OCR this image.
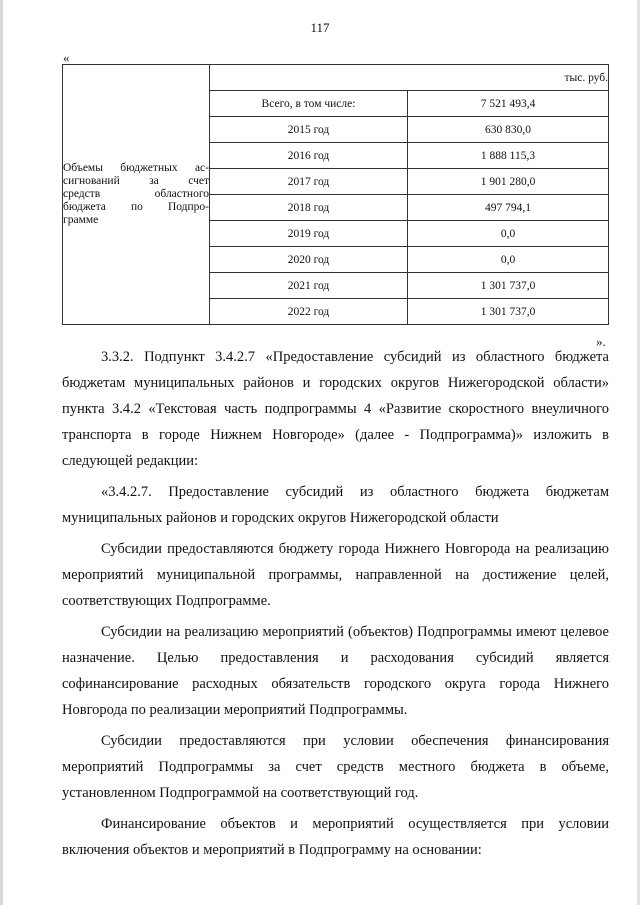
117
«
Объемы бюджетных ас-
сигнований за счет
средств областного
бюджета по Подпро-
грамме	тыс. руб.	
	Всего, в том числе:	7 521 493,4
	2015 год	630 830,0
	2016 год	1 888 115,3
	2017 год	1 901 280,0
	2018 год	497 794,1
	2019 год	0,0
	2020 год	0,0
	2021 год	1 301 737,0
	2022 год	1 301 737,0
».

3.3.2. Подпункт 3.4.2.7 «Предоставление субсидий из областного бюджета бюджетам муниципальных районов и городских округов Нижегородской области» пункта 3.4.2 «Текстовая часть подпрограммы 4 «Развитие скоростного внеуличного транспорта в городе Нижнем Новгороде» (далее - Подпрограмма)» изложить в следующей редакции:

«3.4.2.7. Предоставление субсидий из областного бюджета бюджетам муниципальных районов и городских округов Нижегородской области

Субсидии предоставляются бюджету города Нижнего Новгорода на реализацию мероприятий муниципальной программы, направленной на достижение целей, соответствующих Подпрограмме.

Субсидии на реализацию мероприятий (объектов) Подпрограммы имеют целевое назначение. Целью предоставления и расходования субсидий является софинансирование расходных обязательств городского округа города Нижнего Новгорода по реализации мероприятий Подпрограммы.

Субсидии предоставляются при условии обеспечения финансирования мероприятий Подпрограммы за счет средств местного бюджета в объеме, установленном Подпрограммой на соответствующий год.

Финансирование объектов и мероприятий осуществляется при условии включения объектов и мероприятий в Подпрограмму на основании:
